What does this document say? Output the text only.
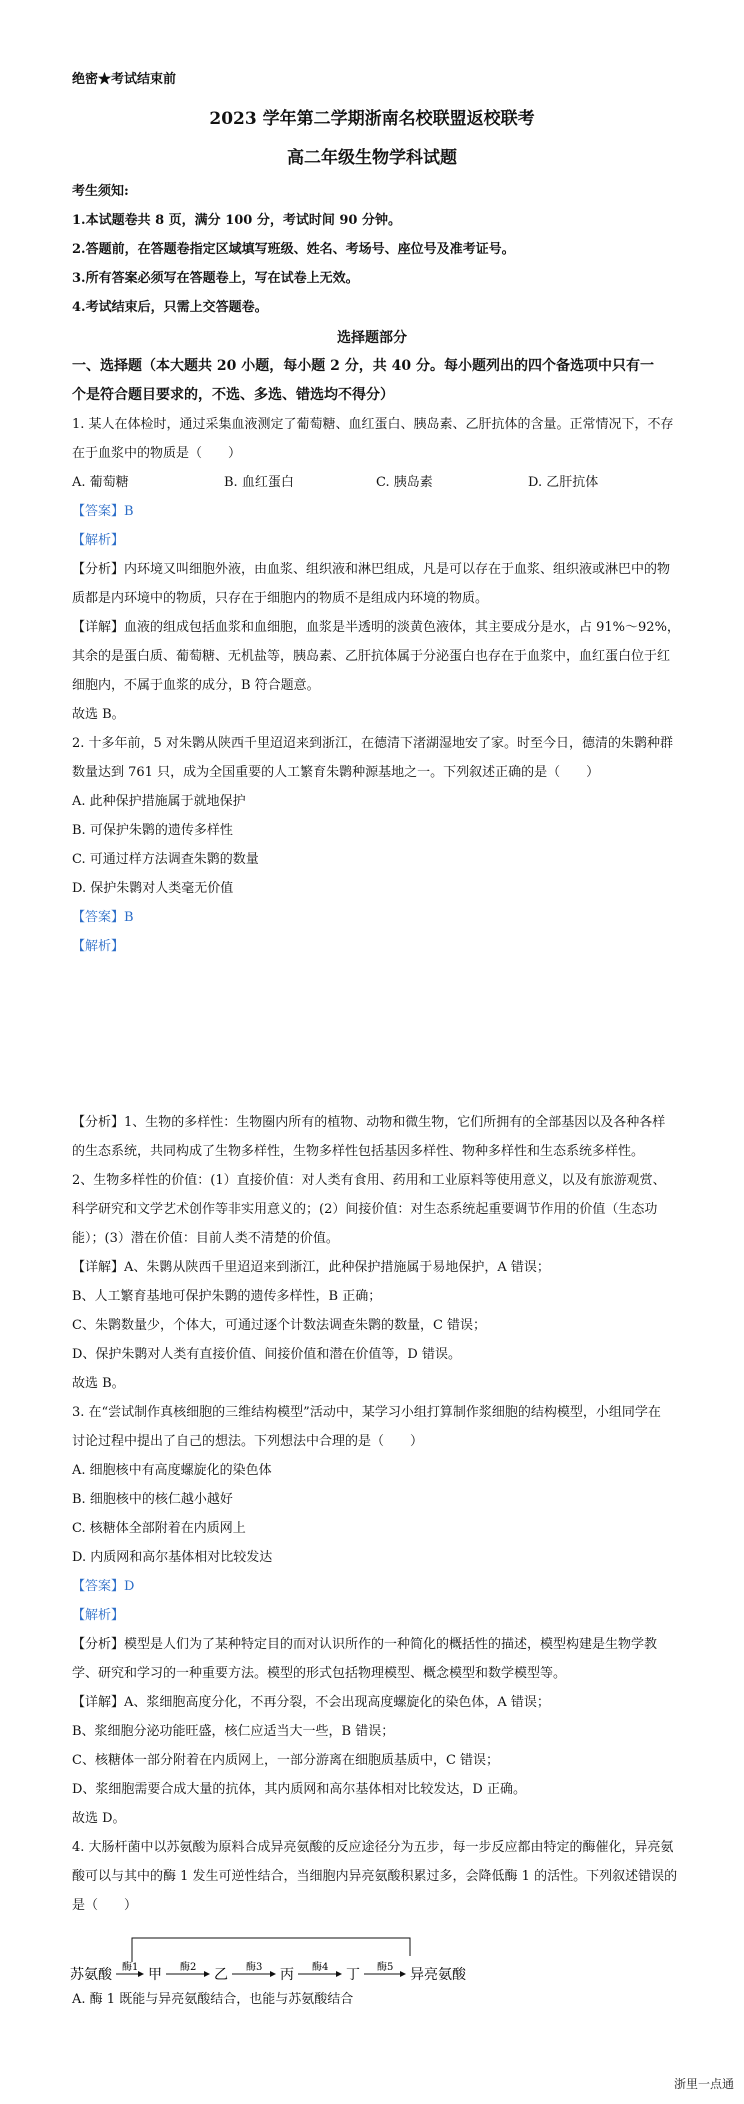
绝密★考试结束前
2023 学年第二学期浙南名校联盟返校联考
高二年级生物学科试题
考生须知:
1.本试题卷共 8 页，满分 100 分，考试时间 90 分钟。
2.答题前，在答题卷指定区域填写班级、姓名、考场号、座位号及准考证号。
3.所有答案必须写在答题卷上，写在试卷上无效。
4.考试结束后，只需上交答题卷。
选择题部分
一、选择题（本大题共 20 小题，每小题 2 分，共 40 分。每小题列出的四个备选项中只有一
个是符合题目要求的，不选、多选、错选均不得分）
1. 某人在体检时，通过采集血液测定了葡萄糖、血红蛋白、胰岛素、乙肝抗体的含量。正常情况下，不存
在于血浆中的物质是（　　）
A. 葡萄糖	B. 血红蛋白	C. 胰岛素	D. 乙肝抗体
【答案】B
【解析】
【分析】内环境又叫细胞外液，由血浆、组织液和淋巴组成，凡是可以存在于血浆、组织液或淋巴中的物
质都是内环境中的物质，只存在于细胞内的物质不是组成内环境的物质。
【详解】血液的组成包括血浆和血细胞，血浆是半透明的淡黄色液体，其主要成分是水，占 91%～92%，
其余的是蛋白质、葡萄糖、无机盐等，胰岛素、乙肝抗体属于分泌蛋白也存在于血浆中，血红蛋白位于红
细胞内，不属于血浆的成分，B 符合题意。
故选 B。
2. 十多年前，5 对朱鹮从陕西千里迢迢来到浙江，在德清下渚湖湿地安了家。时至今日，德清的朱鹮种群
数量达到 761 只，成为全国重要的人工繁育朱鹮种源基地之一。下列叙述正确的是（　　）
A. 此种保护措施属于就地保护
B. 可保护朱鹮的遗传多样性
C. 可通过样方法调查朱鹮的数量
D. 保护朱鹮对人类毫无价值
【答案】B
【解析】
【分析】1、生物的多样性：生物圈内所有的植物、动物和微生物，它们所拥有的全部基因以及各种各样
的生态系统，共同构成了生物多样性，生物多样性包括基因多样性、物种多样性和生态系统多样性。
2、生物多样性的价值：(1）直接价值：对人类有食用、药用和工业原料等使用意义，以及有旅游观赏、
科学研究和文学艺术创作等非实用意义的；(2）间接价值：对生态系统起重要调节作用的价值（生态功
能）；(3）潜在价值：目前人类不清楚的价值。
【详解】A、朱鹮从陕西千里迢迢来到浙江，此种保护措施属于易地保护，A 错误；
B、人工繁育基地可保护朱鹮的遗传多样性，B 正确；
C、朱鹮数量少，个体大，可通过逐个计数法调查朱鹮的数量，C 错误；
D、保护朱鹮对人类有直接价值、间接价值和潜在价值等，D 错误。
故选 B。
3. 在“尝试制作真核细胞的三维结构模型”活动中，某学习小组打算制作浆细胞的结构模型，小组同学在
讨论过程中提出了自己的想法。下列想法中合理的是（　　）
A. 细胞核中有高度螺旋化的染色体
B. 细胞核中的核仁越小越好
C. 核糖体全部附着在内质网上
D. 内质网和高尔基体相对比较发达
【答案】D
【解析】
【分析】模型是人们为了某种特定目的而对认识所作的一种简化的概括性的描述，模型构建是生物学教
学、研究和学习的一种重要方法。模型的形式包括物理模型、概念模型和数学模型等。
【详解】A、浆细胞高度分化，不再分裂，不会出现高度螺旋化的染色体，A 错误；
B、浆细胞分泌功能旺盛，核仁应适当大一些，B 错误；
C、核糖体一部分附着在内质网上，一部分游离在细胞质基质中，C 错误；
D、浆细胞需要合成大量的抗体，其内质网和高尔基体相对比较发达，D 正确。
故选 D。
4. 大肠杆菌中以苏氨酸为原料合成异亮氨酸的反应途径分为五步，每一步反应都由特定的酶催化，异亮氨
酸可以与其中的酶 1 发生可逆性结合，当细胞内异亮氨酸积累过多，会降低酶 1 的活性。下列叙述错误的
是（　　）
苏氨酸	甲	乙	丙	丁	异亮氨酸
酶1	酶2	酶3	酶4	酶5
A. 酶 1 既能与异亮氨酸结合，也能与苏氨酸结合
浙里一点通
